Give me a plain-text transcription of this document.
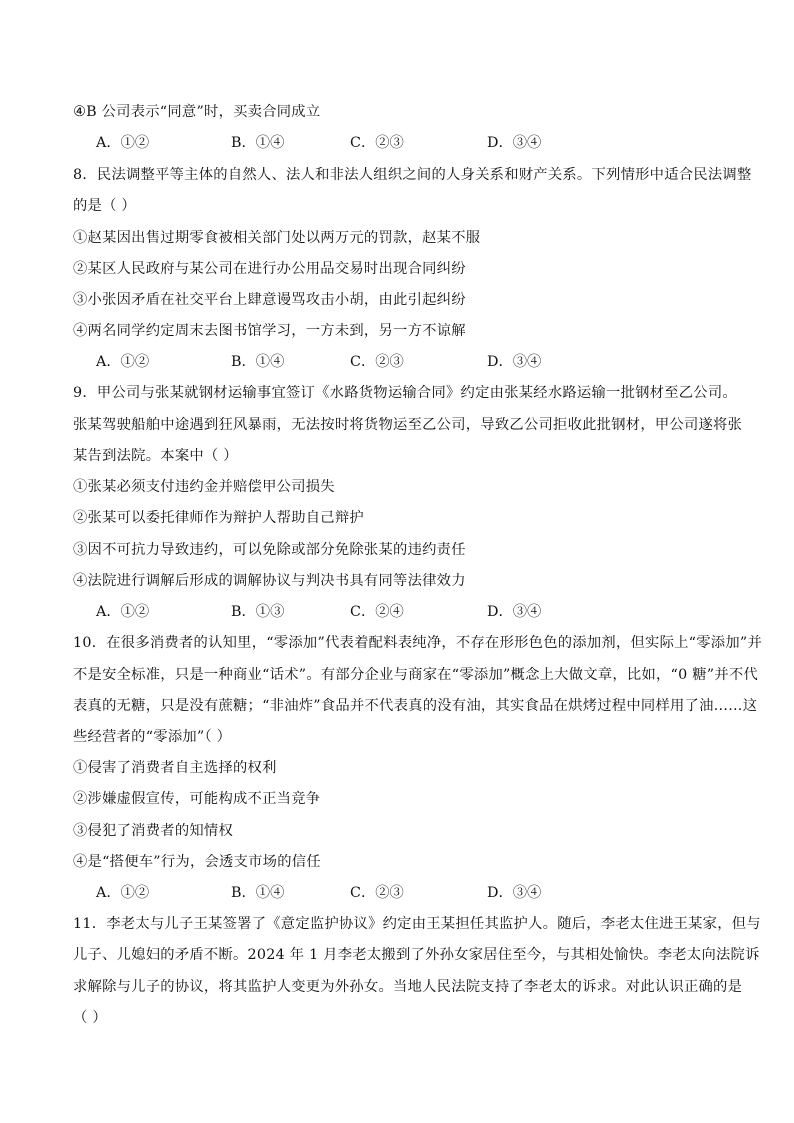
④B 公司表示“同意”时，买卖合同成立
A．①②	B．①④	C．②③	D．③④
8．民法调整平等主体的自然人、法人和非法人组织之间的人身关系和财产关系。下列情形中适合民法调整
的是（ ）
①赵某因出售过期零食被相关部门处以两万元的罚款，赵某不服
②某区人民政府与某公司在进行办公用品交易时出现合同纠纷
③小张因矛盾在社交平台上肆意谩骂攻击小胡，由此引起纠纷
④两名同学约定周末去图书馆学习，一方未到，另一方不谅解
A．①②	B．①④	C．②③	D．③④
9．甲公司与张某就钢材运输事宜签订《水路货物运输合同》约定由张某经水路运输一批钢材至乙公司。
张某驾驶船舶中途遇到狂风暴雨，无法按时将货物运至乙公司，导致乙公司拒收此批钢材，甲公司遂将张
某告到法院。本案中（ ）
①张某必须支付违约金并赔偿甲公司损失
②张某可以委托律师作为辩护人帮助自己辩护
③因不可抗力导致违约，可以免除或部分免除张某的违约责任
④法院进行调解后形成的调解协议与判决书具有同等法律效力
A．①②	B．①③	C．②④	D．③④
10．在很多消费者的认知里，“零添加”代表着配料表纯净，不存在形形色色的添加剂，但实际上“零添加”并
不是安全标准，只是一种商业“话术”。有部分企业与商家在“零添加”概念上大做文章，比如，“0 糖”并不代
表真的无糖，只是没有蔗糖；“非油炸”食品并不代表真的没有油，其实食品在烘烤过程中同样用了油……这
些经营者的“零添加”（ ）
①侵害了消费者自主选择的权利
②涉嫌虚假宣传，可能构成不正当竞争
③侵犯了消费者的知情权
④是“搭便车”行为，会透支市场的信任
A．①②	B．①④	C．②③	D．③④
11．李老太与儿子王某签署了《意定监护协议》约定由王某担任其监护人。随后，李老太住进王某家，但与
儿子、儿媳妇的矛盾不断。2024 年 1 月李老太搬到了外孙女家居住至今，与其相处愉快。李老太向法院诉
求解除与儿子的协议，将其监护人变更为外孙女。当地人民法院支持了李老太的诉求。对此认识正确的是
（ ）
